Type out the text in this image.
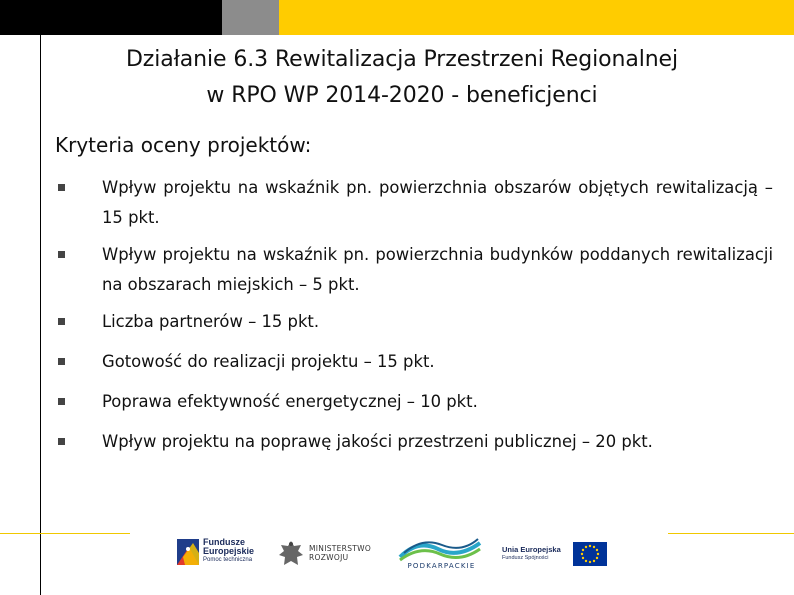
Działanie 6.3 Rewitalizacja Przestrzeni Regionalnej
w RPO WP 2014-2020 - beneficjenci
Kryteria oceny projektów:
Wpływ projektu na wskaźnik pn. powierzchnia obszarów objętych rewitalizacją – 15 pkt.
Wpływ projektu na wskaźnik pn. powierzchnia budynków poddanych rewitalizacji na obszarach miejskich – 5 pkt.
Liczba partnerów – 15 pkt.
Gotowość do realizacji projektu – 15 pkt.
Poprawa efektywność energetycznej – 10 pkt.
Wpływ projektu na poprawę jakości przestrzeni publicznej – 20 pkt.
Fundusze
Europejskie
Pomoc techniczna
MINISTERSTWO
ROZWOJU
PODKARPACKIE
Unia Europejska
Fundusz Spójności
